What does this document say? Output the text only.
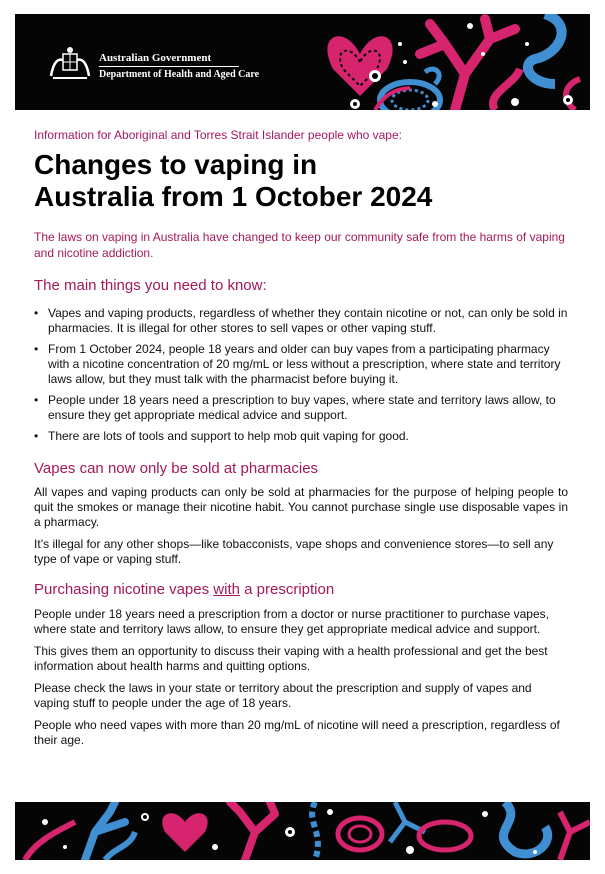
Australian Government
Department of Health and Aged Care

Information for Aboriginal and Torres Strait Islander people who vape:

Changes to vaping in
Australia from 1 October 2024

The laws on vaping in Australia have changed to keep our community safe from the harms of vaping and nicotine addiction.

The main things you need to know:
• Vapes and vaping products, regardless of whether they contain nicotine or not, can only be sold in pharmacies. It is illegal for other stores to sell vapes or other vaping stuff.
• From 1 October 2024, people 18 years and older can buy vapes from a participating pharmacy with a nicotine concentration of 20 mg/mL or less without a prescription, where state and territory laws allow, but they must talk with the pharmacist before buying it.
• People under 18 years need a prescription to buy vapes, where state and territory laws allow, to ensure they get appropriate medical advice and support.
• There are lots of tools and support to help mob quit vaping for good.
Vapes can now only be sold at pharmacies

All vapes and vaping products can only be sold at pharmacies for the purpose of helping people to quit the smokes or manage their nicotine habit. You cannot purchase single use disposable vapes in a pharmacy.

It’s illegal for any other shops—like tobacconists, vape shops and convenience stores—to sell any type of vape or vaping stuff.

Purchasing nicotine vapes with a prescription

People under 18 years need a prescription from a doctor or nurse practitioner to purchase vapes, where state and territory laws allow, to ensure they get appropriate medical advice and support.

This gives them an opportunity to discuss their vaping with a health professional and get the best information about health harms and quitting options.

Please check the laws in your state or territory about the prescription and supply of vapes and vaping stuff to people under the age of 18 years.

People who need vapes with more than 20 mg/mL of nicotine will need a prescription, regardless of their age.
